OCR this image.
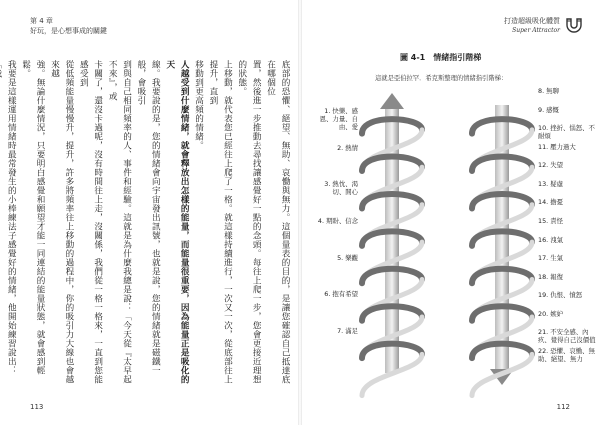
第 4 章
好玩，是心想事成的關鍵

底部的恐懼、絕望、無助、哀慟與無力。這個量表的目的，是讓您確認自己抵達底在哪個位

置，然後進一步推動去尋找讓感覺好一點的念頭。每往上爬一步，您會更接近理想的狀態。

上移動，就代表您已經往上爬了一格。就這樣持續進行，一次又一次，從底部往上提升，直到

移動到更高頻的情緒。

人越受到什麼情緒，就會釋放出怎樣的能量，而能量很重要，因為能量正是吸化的天

線。我要說的是，您的情緒會向宇宙發出訊號，也就是說，您的情緒就是磁鐵一般，會吸引

到與自己相同頻率的人、事件和經驗。這就是為什麼我總是說：「今天從『太早起不來』，或

卡關了，還沒卡過呢，沒有時間往上走，沒關係，我們從一格一格來，一直到您能感受到

從低頻能量慢慢升，提升，許多將頻率往上移動的過程中，你的吸引力大線也會越來越

強。無論什麼情況，只要明白感覺和願望才能一同連結的能量狀態，就會感到輕鬆。

我要是這樣運用情緒時最常發生的小棒練法子感覺好的情緒，他開始練習說出：

113
打造超級吸化體質
Super Attractor
圖 4-1 情緒指引階梯
這就是亞伯拉罕．希克斯整理的情緒指引階梯：
1. 快樂、感恩、力量、自由、愛
2. 熱情
3. 熱忱、渴切、開心
4. 期盼、信念
5. 樂觀
6. 抱有希望
7. 滿足
8. 無聊
9. 感慨
10. 挫折、惱怒、不耐煩
11. 壓力過大
12. 失望
13. 疑慮
14. 擔憂
15. 責怪
16. 洩氣
17. 生氣
18. 報復
19. 仇恨、憤怒
20. 嫉妒
21. 不安全感、內疚、覺得自己沒價值
22. 恐懼、哀慟、無助、絕望、無力
112
